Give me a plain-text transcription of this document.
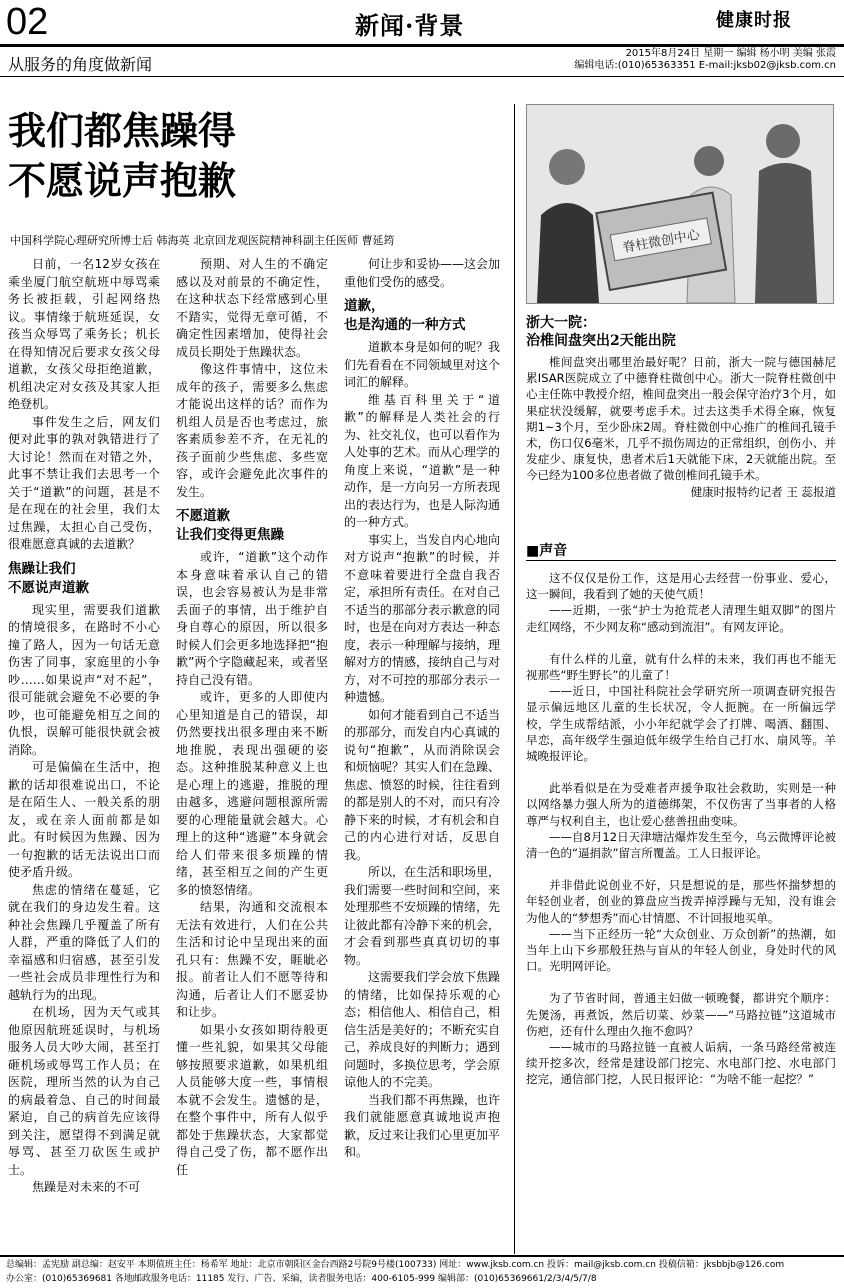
02	新闻·背景	健康时报
从服务的角度做新闻
2015年8月24日 星期一 编辑 杨小明 美编 张霞
编辑电话:(010)65363351 E-mail:jksb02@jksb.com.cn
我们都焦躁得
不愿说声抱歉
中国科学院心理研究所博士后 韩海英 北京回龙观医院精神科副主任医师 曹延筠

日前，一名12岁女孩在乘坐厦门航空航班中辱骂乘务长被拒载，引起网络热议。事情缘于航班延误，女孩当众辱骂了乘务长；机长在得知情况后要求女孩父母道歉，女孩父母拒绝道歉，机组决定对女孩及其家人拒绝登机。

事件发生之后，网友们便对此事的孰对孰错进行了大讨论！然而在对错之外，此事不禁让我们去思考一个关于“道歉”的问题，甚是不是在现在的社会里，我们太过焦躁，太担心自己受伤，很难愿意真诚的去道歉？

焦躁让我们
不愿说声道歉

现实里，需要我们道歉的情境很多，在路时不小心撞了路人，因为一句话无意伤害了同事，家庭里的小争吵……如果说声“对不起”，很可能就会避免不必要的争吵，也可能避免相互之间的仇恨，误解可能很快就会被消除。

可是偏偏在生活中，抱歉的话却很难说出口，不论是在陌生人、一般关系的朋友，或在亲人面前都是如此。有时候因为焦躁、因为一句抱歉的话无法说出口而使矛盾升级。

焦虑的情绪在蔓延，它就在我们的身边发生着。这种社会焦躁几乎覆盖了所有人群，严重的降低了人们的幸福感和归宿感，甚至引发一些社会成员非理性行为和越轨行为的出现。

在机场，因为天气或其他原因航班延误时，与机场服务人员大吵大闹，甚至打砸机场或辱骂工作人员；在医院，理所当然的认为自己的病最着急、自己的时间最紧迫，自己的病首先应该得到关注，愿望得不到满足就辱骂、甚至刀砍医生或护士。

焦躁是对未来的不可

预期、对人生的不确定感以及对前景的不确定性，在这种状态下经常感到心里不踏实，觉得无章可循，不确定性因素增加，使得社会成员长期处于焦躁状态。

像这件事情中，这位未成年的孩子，需要多么焦虑才能说出这样的话？而作为机组人员是否也考虑过，旅客素质参差不齐，在无礼的孩子面前少些焦虑、多些宽容，或许会避免此次事件的发生。

不愿道歉
让我们变得更焦躁

或许，“道歉”这个动作本身意味着承认自己的错误，也会容易被认为是非常丢面子的事情，出于维护自身自尊心的原因，所以很多时候人们会更多地选择把“抱歉”两个字隐藏起来，或者坚持自己没有错。

或许，更多的人即使内心里知道是自己的错误，却仍然要找出很多理由来不断地推脱，表现出强硬的姿态。这种推脱某种意义上也是心理上的逃避，推脱的理由越多，逃避问题根源所需要的心理能量就会越大。心理上的这种“逃避”本身就会给人们带来很多烦躁的情绪，甚至相互之间的产生更多的愤怒情绪。

结果，沟通和交流根本无法有效进行，人们在公共生活和讨论中呈现出来的面孔只有：焦躁不安，睚眦必报。前者让人们不愿等待和沟通，后者让人们不愿妥协和让步。

如果小女孩如期待般更懂一些礼貌，如果其父母能够按照要求道歉，如果机组人员能够大度一些，事情根本就不会发生。遗憾的是，在整个事件中，所有人似乎都处于焦躁状态，大家都觉得自己受了伤，都不愿作出任

何让步和妥协——这会加重他们受伤的感受。

道歉，
也是沟通的一种方式

道歉本身是如何的呢？我们先看看在不同领域里对这个词汇的解释。

维基百科里关于“道歉”的解释是人类社会的行为、社交礼仪，也可以看作为人处事的艺术。而从心理学的角度上来说，“道歉”是一种动作，是一方向另一方所表现出的表达行为，也是人际沟通的一种方式。

事实上，当发自内心地向对方说声“抱歉”的时候，并不意味着要进行全盘自我否定，承担所有责任。在对自己不适当的那部分表示歉意的同时，也是在向对方表达一种态度，表示一种理解与接纳，理解对方的情感，接纳自己与对方，对不可控的那部分表示一种遗憾。

如何才能看到自己不适当的那部分，而发自内心真诚的说句“抱歉”，从而消除误会和烦恼呢？其实人们在急躁、焦虑、愤怒的时候，往往看到的都是别人的不对，而只有冷静下来的时候，才有机会和自己的内心进行对话，反思自我。

所以，在生活和职场里，我们需要一些时间和空间，来处理那些不安烦躁的情绪，先让彼此都有冷静下来的机会，才会看到那些真真切切的事物。

这需要我们学会放下焦躁的情绪，比如保持乐观的心态；相信他人、相信自己，相信生活是美好的；不断充实自己，养成良好的判断力；遇到问题时，多换位思考，学会原谅他人的不完美。

当我们都不再焦躁，也许我们就能愿意真诚地说声抱歉，反过来让我们心里更加平和。

脊柱微创中心
浙大一院：
治椎间盘突出2天能出院

椎间盘突出哪里治最好呢？日前，浙大一院与德国赫尼累ISAR医院成立了中德脊柱微创中心。浙大一院脊柱微创中心主任陈中教授介绍，椎间盘突出一般会保守治疗3个月，如果症状没缓解，就要考虑手术。过去这类手术得全麻，恢复期1~3个月，至少卧床2周。脊柱微创中心推广的椎间孔镜手术，伤口仅6毫米，几乎不损伤周边的正常组织，创伤小、并发症少、康复快，患者术后1天就能下床，2天就能出院。至今已经为100多位患者做了微创椎间孔镜手术。

健康时报特约记者 王 蕊报道
■声音

这不仅仅是份工作，这是用心去经营一份事业、爱心，这一瞬间，我看到了她的天使气质！

——近期，一张“护士为抢荒老人清理生蛆双脚”的图片走红网络，不少网友称“感动到流泪”。有网友评论。

有什么样的儿童，就有什么样的未来，我们再也不能无视那些“野生野长”的儿童了！

——近日，中国社科院社会学研究所一项调查研究报告显示偏远地区儿童的生长状况，令人扼腕。在一所偏远学校，学生成帮结派，小小年纪就学会了打牌、喝酒、翻围、早恋，高年级学生强迫低年级学生给自己打水、扇风等。羊城晚报评论。

此举看似是在为受难者声援争取社会救助，实则是一种以网络暴力强人所为的道德绑架，不仅伤害了当事者的人格尊严与权利自主，也让爱心慈善扭曲变味。

——自8月12日天津塘沽爆炸发生至今，乌云微博评论被清一色的“逼捐款”留言所覆盖。工人日报评论。

并非借此说创业不好，只是想说的是，那些怀揣梦想的年轻创业者，创业的算盘应当拨弄掉浮躁与无知，没有谁会为他人的“梦想秀”而心甘情愿、不计回报地买单。

——当下正经历一轮“大众创业、万众创新”的热潮，如当年上山下乡那般狂热与盲从的年轻人创业，身处时代的风口。光明网评论。

为了节省时间，普通主妇做一顿晚餐，都讲究个顺序：先煲汤，再煮饭，然后切菜、炒菜——“马路拉链”这道城市伤疤，还有什么理由久拖不愈吗？

——城市的马路拉链一直被人诟病，一条马路经常被连续开挖多次，经常是建设部门挖完、水电部门挖、水电部门挖完，通信部门挖，人民日报评论：“为啥不能一起挖？”

总编辑：孟宪励 副总编：赵安平 本期值班主任：杨希军 地址：北京市朝阳区金台西路2号院9号楼(100733) 网址：www.jksb.com.cn 投诉：mail@jksb.com.cn 投稿信箱：jksbbjb@126.com
办公室：(010)65369681 各地邮政服务电话：11185 发行、广告、采编，读者服务电话：400-6105-999 编辑部：(010)65369661/2/3/4/5/7/8
